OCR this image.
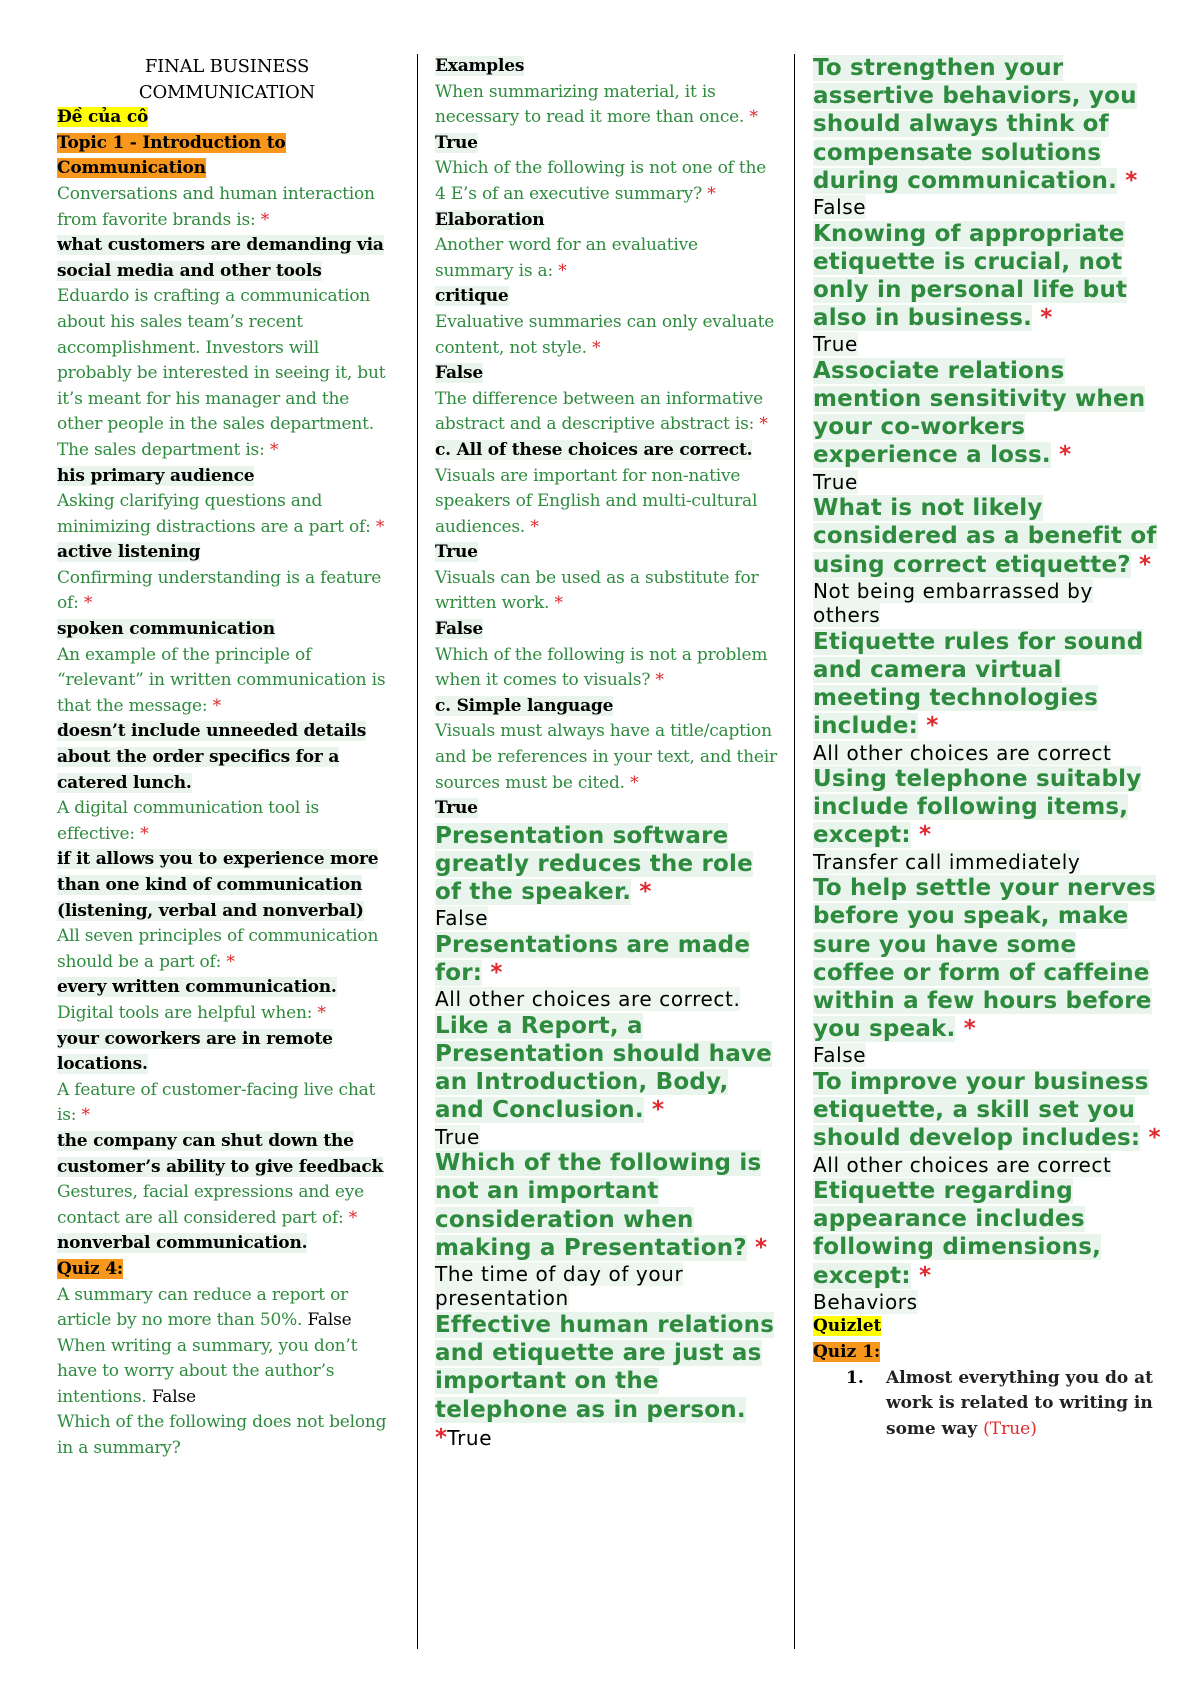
FINAL BUSINESS

COMMUNICATION

Đề của cô

Topic 1 - Introduction to Communication

Conversations and human interaction from favorite brands is: *

what customers are demanding via social media and other tools

Eduardo is crafting a communication about his sales team’s recent accomplishment. Investors will probably be interested in seeing it, but it’s meant for his manager and the other people in the sales department. The sales department is: *

his primary audience

Asking clarifying questions and minimizing distractions are a part of: *

active listening

Confirming understanding is a feature of: *

spoken communication

An example of the principle of “relevant” in written communication is that the message: *

doesn’t include unneeded details about the order specifics for a catered lunch.

A digital communication tool is effective: *

if it allows you to experience more than one kind of communication (listening, verbal and nonverbal)

All seven principles of communication should be a part of: *

every written communication.

Digital tools are helpful when: *

your coworkers are in remote locations.

A feature of customer-facing live chat is: *

the company can shut down the customer’s ability to give feedback

Gestures, facial expressions and eye contact are all considered part of: *

nonverbal communication.

Quiz 4:

A summary can reduce a report or article by no more than 50%. False

When writing a summary, you don’t have to worry about the author’s intentions. False

Which of the following does not belong in a summary?

Examples

When summarizing material, it is necessary to read it more than once. *

True

Which of the following is not one of the 4 E’s of an executive summary? *

Elaboration

Another word for an evaluative summary is a: *

critique

Evaluative summaries can only evaluate content, not style. *

False

The difference between an informative abstract and a descriptive abstract is: *

c. All of these choices are correct.

Visuals are important for non-native speakers of English and multi-cultural audiences. *

True

Visuals can be used as a substitute for written work. *

False

Which of the following is not a problem when it comes to visuals? *

c. Simple language

Visuals must always have a title/caption and be references in your text, and their sources must be cited. *

True

Presentation software greatly reduces the role of the speaker. *

False

Presentations are made for: *

All other choices are correct.

Like a Report, a Presentation should have an Introduction, Body, and Conclusion. *

True

Which of the following is not an important consideration when making a Presentation? *

The time of day of your presentation

Effective human relations and etiquette are just as important on the telephone as in person. *True

To strengthen your assertive behaviors, you should always think of compensate solutions during communication. *

False

Knowing of appropriate etiquette is crucial, not only in personal life but also in business. *

True

Associate relations mention sensitivity when your co-workers experience a loss. *

True

What is not likely considered as a benefit of using correct etiquette? *

Not being embarrassed by others

Etiquette rules for sound and camera virtual meeting technologies include: *

All other choices are correct

Using telephone suitably include following items, except: *

Transfer call immediately

To help settle your nerves before you speak, make sure you have some coffee or form of caffeine within a few hours before you speak. *

False

To improve your business etiquette, a skill set you should develop includes: *

All other choices are correct

Etiquette regarding appearance includes following dimensions, except: *

Behaviors

Quizlet

Quiz 1:

1.	Almost everything you do at work is related to writing in some way (True)
